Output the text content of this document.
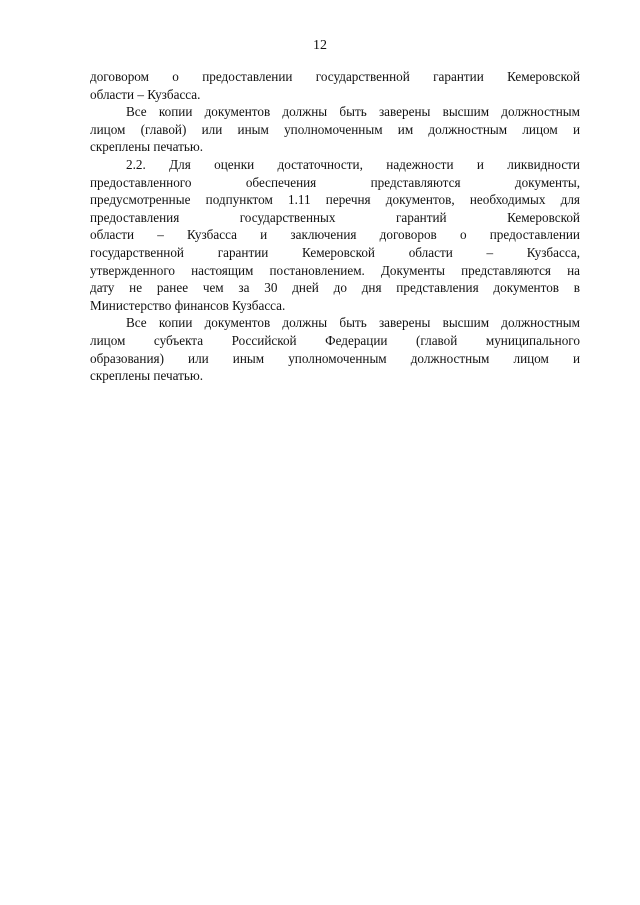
12

договором о предоставлении государственной гарантии Кемеровской
области – Кузбасса.

Все копии документов должны быть заверены высшим должностным
лицом (главой) или иным уполномоченным им должностным лицом и
скреплены печатью.

2.2. Для оценки достаточности, надежности и ликвидности
предоставленного обеспечения представляются документы,
предусмотренные подпунктом 1.11 перечня документов, необходимых для
предоставления государственных гарантий Кемеровской
области – Кузбасса и заключения договоров о предоставлении
государственной гарантии Кемеровской области – Кузбасса,
утвержденного настоящим постановлением. Документы представляются на
дату не ранее чем за 30 дней до дня представления документов в
Министерство финансов Кузбасса.

Все копии документов должны быть заверены высшим должностным
лицом субъекта Российской Федерации (главой муниципального
образования) или иным уполномоченным должностным лицом и
скреплены печатью.
